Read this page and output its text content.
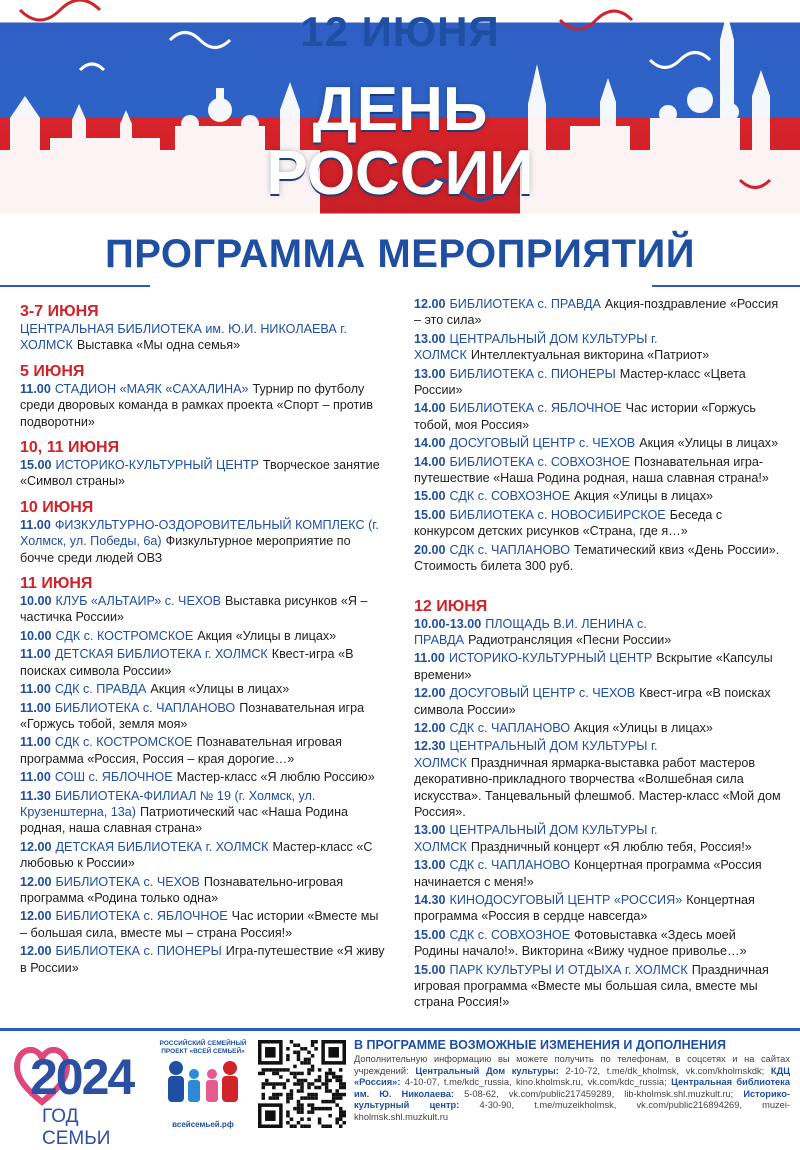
12 ИЮНЯ
ДЕНЬ
РОССИИ
ПРОГРАММА МЕРОПРИЯТИЙ
3-7 ИЮНЯ
ЦЕНТРАЛЬНАЯ БИБЛИОТЕКА им. Ю.И. НИКОЛАЕВА г. ХОЛМСК Выставка «Мы одна семья»
5 ИЮНЯ
11.00 СТАДИОН «МАЯК «САХАЛИНА» Турнир по футболу среди дворовых команда в рамках проекта «Спорт – против подворотни»
10, 11 ИЮНЯ
15.00 ИСТОРИКО-КУЛЬТУРНЫЙ ЦЕНТР Творческое занятие «Символ страны»
10 ИЮНЯ
11.00 ФИЗКУЛЬТУРНО-ОЗДОРОВИТЕЛЬНЫЙ КОМПЛЕКС (г. Холмск, ул. Победы, 6а) Физкультурное мероприятие по бочче среди людей ОВЗ
11 ИЮНЯ
10.00 КЛУБ «АЛЬТАИР» с. ЧЕХОВ Выставка рисунков «Я – частичка России»
10.00 СДК с. КОСТРОМСКОЕ Акция «Улицы в лицах»
11.00 ДЕТСКАЯ БИБЛИОТЕКА г. ХОЛМСК Квест-игра «В поисках символа России»
11.00 СДК с. ПРАВДА Акция «Улицы в лицах»
11.00 БИБЛИОТЕКА с. ЧАПЛАНОВО Познавательная игра «Горжусь тобой, земля моя»
11.00 СДК с. КОСТРОМСКОЕ Познавательная игровая программа «Россия, Россия – края дорогие…»
11.00 СОШ с. ЯБЛОЧНОЕ Мастер-класс «Я люблю Россию»
11.30 БИБЛИОТЕКА-ФИЛИАЛ № 19 (г. Холмск, ул. Крузенштерна, 13а) Патриотический час «Наша Родина родная, наша славная страна»
12.00 ДЕТСКАЯ БИБЛИОТЕКА г. ХОЛМСК Мастер-класс «С любовью к России»
12.00 БИБЛИОТЕКА с. ЧЕХОВ Познавательно-игровая программа «Родина только одна»
12.00 БИБЛИОТЕКА с. ЯБЛОЧНОЕ Час истории «Вместе мы – большая сила, вместе мы – страна Россия!»
12.00 БИБЛИОТЕКА с. ПИОНЕРЫ Игра-путешествие «Я живу в России»
12.00 БИБЛИОТЕКА с. ПРАВДА Акция-поздравление «Россия – это сила»
13.00 ЦЕНТРАЛЬНЫЙ ДОМ КУЛЬТУРЫ г. ХОЛМСК Интеллектуальная викторина «Патриот»
13.00 БИБЛИОТЕКА с. ПИОНЕРЫ Мастер-класс «Цвета России»
14.00 БИБЛИОТЕКА с. ЯБЛОЧНОЕ Час истории «Горжусь тобой, моя Россия»
14.00 ДОСУГОВЫЙ ЦЕНТР с. ЧЕХОВ Акция «Улицы в лицах»
14.00 БИБЛИОТЕКА с. СОВХОЗНОЕ Познавательная игра-путешествие «Наша Родина родная, наша славная страна!»
15.00 СДК с. СОВХОЗНОЕ Акция «Улицы в лицах»
15.00 БИБЛИОТЕКА с. НОВОСИБИРСКОЕ Беседа с конкурсом детских рисунков «Страна, где я…»
20.00 СДК с. ЧАПЛАНОВО Тематический квиз «День России». Стоимость билета 300 руб.
12 ИЮНЯ
10.00-13.00 ПЛОЩАДЬ В.И. ЛЕНИНА с. ПРАВДА Радиотрансляция «Песни России»
11.00 ИСТОРИКО-КУЛЬТУРНЫЙ ЦЕНТР Вскрытие «Капсулы времени»
12.00 ДОСУГОВЫЙ ЦЕНТР с. ЧЕХОВ Квест-игра «В поисках символа России»
12.00 СДК с. ЧАПЛАНОВО Акция «Улицы в лицах»
12.30 ЦЕНТРАЛЬНЫЙ ДОМ КУЛЬТУРЫ г. ХОЛМСК Праздничная ярмарка-выставка работ мастеров декоративно-прикладного творчества «Волшебная сила искусства». Танцевальный флешмоб. Мастер-класс «Мой дом Россия».
13.00 ЦЕНТРАЛЬНЫЙ ДОМ КУЛЬТУРЫ г. ХОЛМСК Праздничный концерт «Я люблю тебя, Россия!»
13.00 СДК с. ЧАПЛАНОВО Концертная программа «Россия начинается с меня!»
14.30 КИНОДОСУГОВЫЙ ЦЕНТР «РОССИЯ» Концертная программа «Россия в сердце навсегда»
15.00 СДК с. СОВХОЗНОЕ Фотовыставка «Здесь моей Родины начало!». Викторина «Вижу чудное приволье…»
15.00 ПАРК КУЛЬТУРЫ И ОТДЫХА г. ХОЛМСК Праздничная игровая программа «Вместе мы большая сила, вместе мы страна Россия!»
2024
ГОД СЕМЬИ
РОССИЙСКИЙ СЕМЕЙНЫЙ ПРОЕКТ «ВСЕЙ СЕМЬЕЙ»
всейсемьей.рф
В ПРОГРАММЕ ВОЗМОЖНЫЕ ИЗМЕНЕНИЯ И ДОПОЛНЕНИЯ
Дополнительную информацию вы можете получить по телефонам, в соцсетях и на сайтах учреждений: Центральный Дом культуры: 2-10-72, t.me/dk_kholmsk, vk.com/kholmskdk; КДЦ «Россия»: 4-10-07, t.me/kdc_russia, kino.kholmsk.ru, vk.com/kdc_russia; Центральная библиотека им. Ю. Николаева: 5-08-62, vk.com/public217459289, lib-kholmsk.shl.muzkult.ru; Историко-культурный центр: 4-30-90, t.me/muzeikholmsk, vk.com/public216894269, muzei-kholmsk.shl.muzkult.ru
